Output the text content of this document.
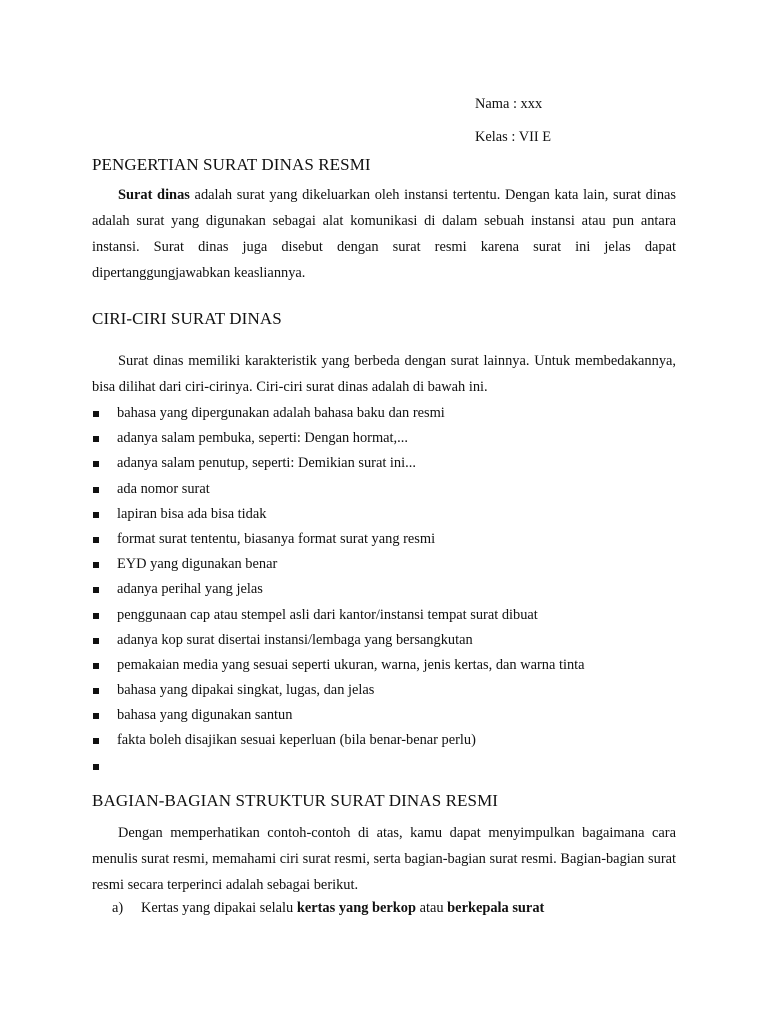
Nama : xxx
Kelas : VII E
PENGERTIAN SURAT DINAS RESMI

Surat dinas adalah surat yang dikeluarkan oleh instansi tertentu. Dengan kata lain, surat dinas adalah surat yang digunakan sebagai alat komunikasi di dalam sebuah instansi atau pun antara instansi. Surat dinas juga disebut dengan surat resmi karena surat ini jelas dapat dipertanggungjawabkan keasliannya.

CIRI-CIRI SURAT DINAS

Surat dinas memiliki karakteristik yang berbeda dengan surat lainnya. Untuk membedakannya, bisa dilihat dari ciri-cirinya. Ciri-ciri surat dinas adalah di bawah ini.

bahasa yang dipergunakan adalah bahasa baku dan resmi
adanya salam pembuka, seperti: Dengan hormat,...
adanya salam penutup, seperti: Demikian surat ini...
ada nomor surat
lapiran bisa ada bisa tidak
format surat tententu, biasanya format surat yang resmi
EYD yang digunakan benar
adanya perihal yang jelas
penggunaan cap atau stempel asli dari kantor/instansi tempat surat dibuat
adanya kop surat disertai instansi/lembaga yang bersangkutan
pemakaian media yang sesuai seperti ukuran, warna, jenis kertas, dan warna tinta
bahasa yang dipakai singkat, lugas, dan jelas
bahasa yang digunakan santun
fakta boleh disajikan sesuai keperluan (bila benar-benar perlu)
BAGIAN-BAGIAN STRUKTUR SURAT DINAS RESMI

Dengan memperhatikan contoh-contoh di atas, kamu dapat menyimpulkan bagaimana cara menulis surat resmi, memahami ciri surat resmi, serta bagian-bagian surat resmi. Bagian-bagian surat resmi secara terperinci adalah sebagai berikut.

a) Kertas yang dipakai selalu kertas yang berkop atau berkepala surat
